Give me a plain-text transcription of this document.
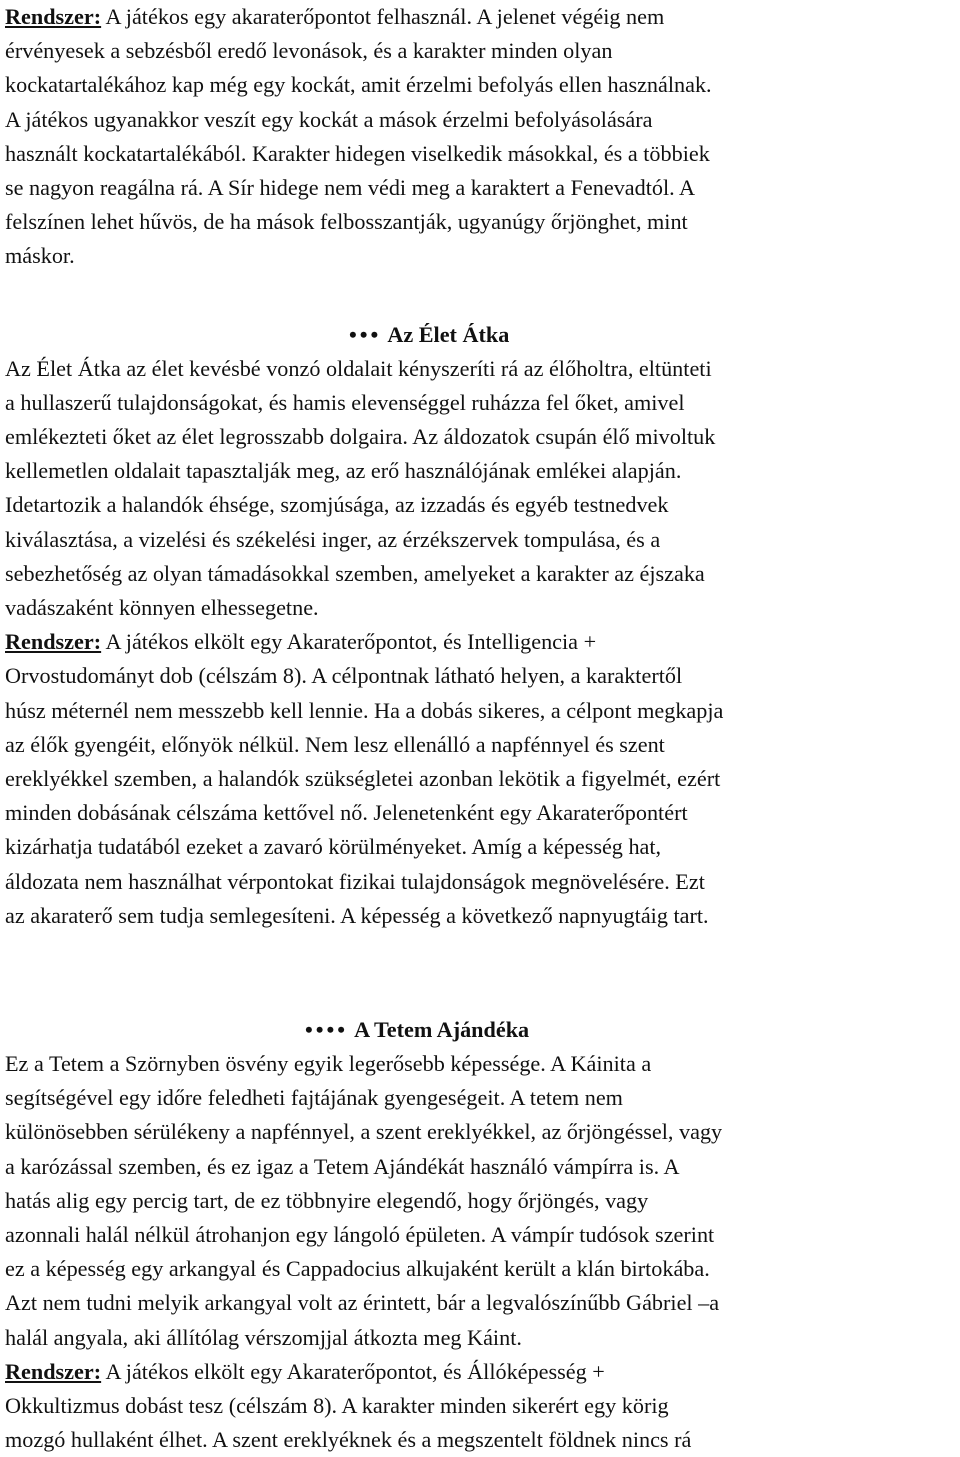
Rendszer: A játékos egy akaraterőpontot felhasznál. A jelenet végéig nem
érvényesek a sebzésből eredő levonások, és a karakter minden olyan
kockatartalékához kap még egy kockát, amit érzelmi befolyás ellen használnak.
A játékos ugyanakkor veszít egy kockát a mások érzelmi befolyásolására
használt kockatartalékából. Karakter hidegen viselkedik másokkal, és a többiek
se nagyon reagálna rá. A Sír hidege nem védi meg a karaktert a Fenevadtól. A
felszínen lehet hűvös, de ha mások felbosszantják, ugyanúgy őrjönghet, mint
máskor.
••• Az Élet Átka
Az Élet Átka az élet kevésbé vonzó oldalait kényszeríti rá az élőholtra, eltünteti
a hullaszerű tulajdonságokat, és hamis elevenséggel ruházza fel őket, amivel
emlékezteti őket az élet legrosszabb dolgaira. Az áldozatok csupán élő mivoltuk
kellemetlen oldalait tapasztalják meg, az erő használójának emlékei alapján.
Idetartozik a halandók éhsége, szomjúsága, az izzadás és egyéb testnedvek
kiválasztása, a vizelési és székelési inger, az érzékszervek tompulása, és a
sebezhetőség az olyan támadásokkal szemben, amelyeket a karakter az éjszaka
vadászaként könnyen elhessegetne.
Rendszer: A játékos elkölt egy Akaraterőpontot, és Intelligencia +
Orvostudományt dob (célszám 8). A célpontnak látható helyen, a karaktertől
húsz méternél nem messzebb kell lennie. Ha a dobás sikeres, a célpont megkapja
az élők gyengéit, előnyök nélkül. Nem lesz ellenálló a napfénnyel és szent
ereklyékkel szemben, a halandók szükségletei azonban lekötik a figyelmét, ezért
minden dobásának célszáma kettővel nő. Jelenetenként egy Akaraterőpontért
kizárhatja tudatából ezeket a zavaró körülményeket. Amíg a képesség hat,
áldozata nem használhat vérpontokat fizikai tulajdonságok megnövelésére. Ezt
az akaraterő sem tudja semlegesíteni. A képesség a következő napnyugtáig tart.
•••• A Tetem Ajándéka
Ez a Tetem a Szörnyben ösvény egyik legerősebb képessége. A Káinita a
segítségével egy időre feledheti fajtájának gyengeségeit. A tetem nem
különösebben sérülékeny a napfénnyel, a szent ereklyékkel, az őrjöngéssel, vagy
a karózással szemben, és ez igaz a Tetem Ajándékát használó vámpírra is. A
hatás alig egy percig tart, de ez többnyire elegendő, hogy őrjöngés, vagy
azonnali halál nélkül átrohanjon egy lángoló épületen. A vámpír tudósok szerint
ez a képesség egy arkangyal és Cappadocius alkujaként került a klán birtokába.
Azt nem tudni melyik arkangyal volt az érintett, bár a legvalószínűbb Gábriel –a
halál angyala, aki állítólag vérszomjjal átkozta meg Káint.
Rendszer: A játékos elkölt egy Akaraterőpontot, és Állóképesség +
Okkultizmus dobást tesz (célszám 8). A karakter minden sikerért egy körig
mozgó hullaként élhet. A szent ereklyéknek és a megszentelt földnek nincs rá
